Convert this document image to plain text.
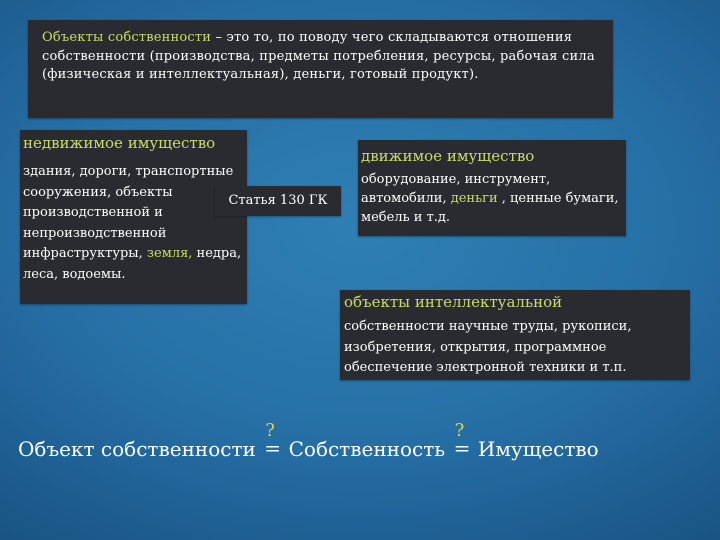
Объекты собственности – это то, по поводу чего складываются отношения собственности (производства, предметы потребления, ресурсы, рабочая сила (физическая и интеллектуальная), деньги, готовый продукт).

недвижимое имущество

здания, дороги, транспортные сооружения, объекты производственной и непроизводственной инфраструктуры, земля, недра, леса, водоемы.

Статья 130 ГК
движимое имущество

оборудование, инструмент, автомобили, деньги , ценные бумаги, мебель и т.д.

объекты интеллектуальной

собственности научные труды, рукописи, изобретения, открытия, программное обеспечение электронной техники и т.п.

Объект собственности
?
= Собственность
?
= Имущество
